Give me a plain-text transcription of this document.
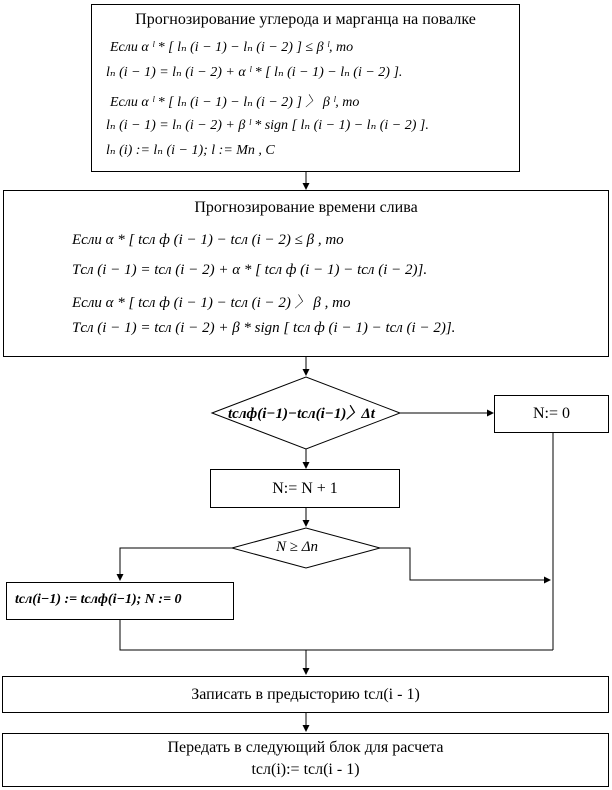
Прогнозирование углерода и марганца на повалке
Если α ˡ * [ lₙ (i − 1) − lₙ (i − 2) ] ≤ β ˡ, то
lₙ (i − 1) = lₙ (i − 2) + α ˡ * [ lₙ (i − 1) − lₙ (i − 2) ].
Если α ˡ * [ lₙ (i − 1) − lₙ (i − 2) ] 〉 β ˡ, то
lₙ (i − 1) = lₙ (i − 2) + β ˡ * sign [ lₙ (i − 1) − lₙ (i − 2) ].
lₙ (i) := lₙ (i − 1); l := Mn , C
Прогнозирование времени слива
Если α * [ tсл ф (i − 1) − tсл (i − 2) ≤ β , то
Tсл (i − 1) = tсл (i − 2) + α * [ tсл ф (i − 1) − tсл (i − 2)].
Если α * [ tсл ф (i − 1) − tсл (i − 2) 〉 β , то
Tсл (i − 1) = tсл (i − 2) + β * sign [ tсл ф (i − 1) − tсл (i − 2)].
tслф(i−1)−tсл(i−1)〉Δt	N:= 0
N:= N + 1
N ≥ Δn
tсл(i−1) := tслф(i−1); N := 0
Записать в предысторию tсл(i - 1)
Передать в следующий блок для расчета
tсл(i):= tсл(i - 1)
